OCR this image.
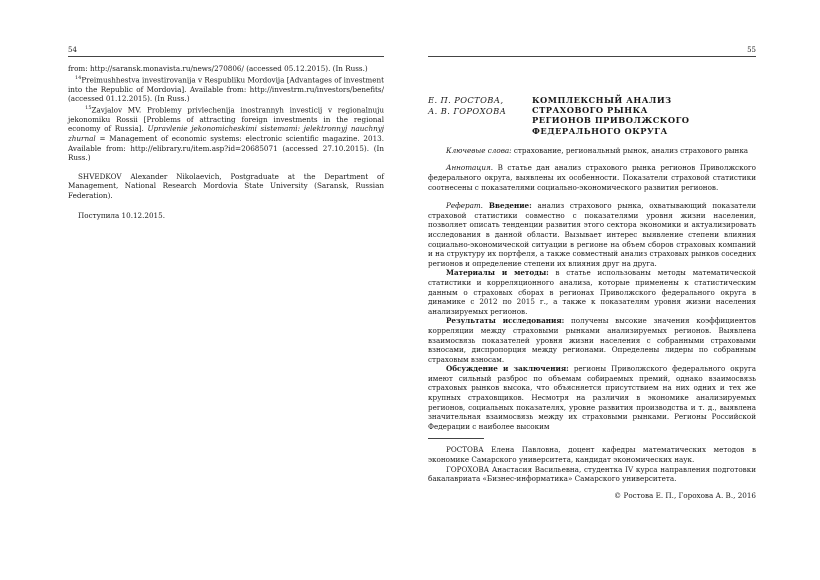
54

from: http://saransk.monavista.ru/news/270806/ (accessed 05.12.2015). (In Russ.)

$^{14}$Preimushhestva investirovanija v Respubliku Mordovija [Advantages of investment into the Republic of Mordovia]. Available from: http://investrm.ru/investors/benefits/ (accessed 01.12.2015). (In Russ.)

$^{15}$Zavjalov MV. Problemy privlechenija inostrannyh investicij v regionalnuju jekonomiku Rossii [Problems of attracting foreign investments in the regional economy of Russia]. Upravlenie jekonomicheskimi sistemami: jelektronnyj nauchnyj zhurnal = Management of economic systems: electronic scientific magazine. 2013. Available from: http://elibrary.ru/item.asp?id=20685071 (accessed 27.10.2015). (In Russ.)

SHVEDKOV Alexander Nikolaevich, Postgraduate at the Department of Management, National Research Mordovia State University (Saransk, Russian Federation).

Поступила 10.12.2015.

55
Е. П. РОСТОВА,
А. В. ГОРОХОВА
КОМПЛЕКСНЫЙ АНАЛИЗ
СТРАХОВОГО РЫНКА
РЕГИОНОВ ПРИВОЛЖСКОГО
ФЕДЕРАЛЬНОГО ОКРУГА

Ключевые слова: страхование, региональный рынок, анализ страхового рынка

Аннотация. В статье дан анализ страхового рынка регионов Приволжского федерального округа, выявлены их особенности. Показатели страховой статистики соотнесены с показателями социально-экономического развития регионов.

Реферат. Введение: анализ страхового рынка, охватывающий показатели страховой статистики совместно с показателями уровня жизни населения, позволяет описать тенденции развития этого сектора экономики и актуализировать исследования в данной области. Вызывает интерес выявление степени влияния социально-экономической ситуации в регионе на объем сборов страховых компаний и на структуру их портфеля, а также совместный анализ страховых рынков соседних регионов и определение степени их влияния друг на друга.

Материалы и методы: в статье использованы методы математической статистики и корреляционного анализа, которые применены к статистическим данным о страховых сборах в регионах Приволжского федерального округа в динамике с 2012 по 2015 г., а также к показателям уровня жизни населения анализируемых регионов.

Результаты исследования: получены высокие значения коэффициентов корреляции между страховыми рынками анализируемых регионов. Выявлена взаимосвязь показателей уровня жизни населения с собранными страховыми взносами, диспропорция между регионами. Определены лидеры по собранным страховым взносам.

Обсуждение и заключения: регионы Приволжского федерального округа имеют сильный разброс по объемам собираемых премий, однако взаимосвязь страховых рынков высока, что объясняется присутствием на них одних и тех же крупных страховщиков. Несмотря на различия в экономике анализируемых регионов, социальных показателях, уровне развития производства и т. д., выявлена значительная взаимосвязь между их страховыми рынками. Регионы Российской Федерации с наиболее высоким

РОСТОВА Елена Павловна, доцент кафедры математических методов в экономике Самарского университета, кандидат экономических наук.

ГОРОХОВА Анастасия Васильевна, студентка IV курса направления подготовки бакалавриата «Бизнес-информатика» Самарского университета.

© Ростова Е. П., Горохова А. В., 2016
